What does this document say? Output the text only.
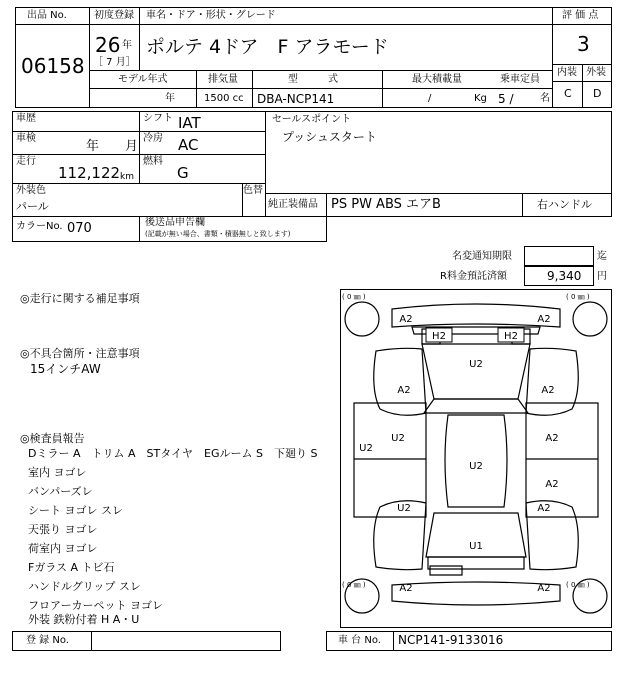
出品 No.
06158
初度登録
26 年
［ 7 月］
車名・ドア・形状・グレード
ポルテ 4ドア　F アラモード
評 価 点
3
内装 外装
C D
モデル年式	排気量	型　　　式	最大積載量	乗車定員
年	1500 cc DBA-NCP141	/	Kg 5 /	名
車歴	シフト IAT
車検
年　　月
冷房 AC
走行
112,122 km
燃料
G
セールスポイント
プッシュスタート
外装色
パール
色替
純正装備品 PS PW ABS エアB	右ハンドル
カラーNo. 070	後送品申告欄
(記載が無い場合、書類・積器無しと致します)
名変通知期限	迄
R料金預託済額	9,340 円
◎走行に関する補足事項
◎不具合箇所・注意事項
15インチAW
◎検査員報告
Dミラー A　トリム A　STタイヤ　EGルーム S　下廻り S
室内 ヨゴレ
バンパーズレ
シート ヨゴレ スレ
天張り ヨゴレ
荷室内 ヨゴレ
Fガラス A トビ石
ハンドルグリップ スレ
フロアーカーペット ヨゴレ
外装 鉄粉付着 H A・U
( 0 ㎜ )	( 0 ㎜ )
( 0 ㎜ )	( 0 ㎜ )
A2	A2
H2	H2
U2
A2	A2
U2
A2
U2
A2
U2	A2
U2
U1
A2	A2
登 録 No.	車 台 No. NCP141-9133016
